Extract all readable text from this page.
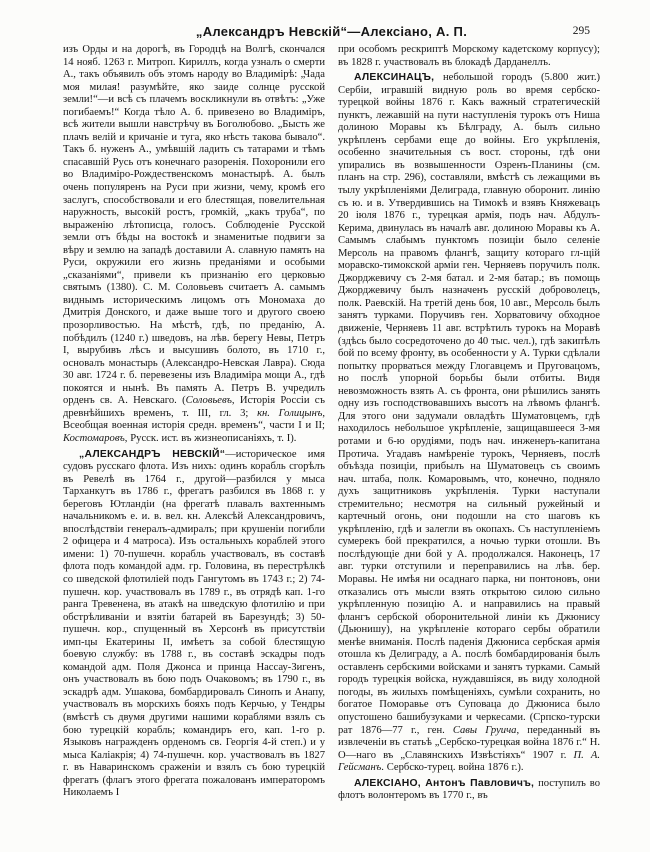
„Александръ Невскій“—Алексіано, А. П.	295

изъ Орды и на дорогѣ, въ Городцѣ на Волгѣ, скончался 14 нояб. 1263 г. Митроп. Кириллъ, когда узналъ о смерти А., такъ объявилъ объ этомъ народу во Владимірѣ: „Чада моя милая! разумѣйте, яко заиде солнце русской земли!“—и всѣ съ плачемъ воскликнули въ отвѣтъ: „Уже погибаемъ!“ Когда тѣло А. б. привезено во Владиміръ, всѣ жители вышли навстрѣчу въ Боголюбово. „Бысть же плачъ велій и кричаніе и туга, яко нѣсть такова бывало“. Такъ б. нуженъ А., умѣвшій ладить съ татарами и тѣмъ спасавшій Русь отъ конечнаго разоренія. Похоронили его во Владиміро-Рождественскомъ монастырѣ. А. былъ очень популяренъ на Руси при жизни, чему, кромѣ его заслугъ, способствовали и его блестящая, повелительная наружность, высокій ростъ, громкій, „какъ труба“, по выраженію лѣтописца, голосъ. Соблюденіе Русской земли отъ бѣды на востокѣ и знаменитые подвиги за вѣру и землю на западѣ доставили А. славную память на Руси, окружили его жизнь преданіями и особыми „сказаніями“, привели къ признанію его церковью святымъ (1380). С. М. Соловьевъ считаетъ А. самымъ виднымъ историческимъ лицомъ отъ Мономаха до Дмитрія Донского, и даже выше того и другого своею прозорливостью. На мѣстѣ, гдѣ, по преданію, А. побѣдилъ (1240 г.) шведовъ, на лѣв. берегу Невы, Петръ I, вырубивъ лѣсъ и высушивъ болото, въ 1710 г., основалъ монастырь (Александро-Невская Лавра). Сюда 30 авг. 1724 г. б. перевезены изъ Владиміра мощи А., гдѣ покоятся и нынѣ. Въ память А. Петръ В. учредилъ орденъ св. А. Невскаго. (Соловьевъ, Исторія Россіи съ древнѣйшихъ временъ, т. III, гл. 3; кн. Голицынъ, Всеобщая военная исторія средн. временъ“, части I и II; Костомаровъ, Русск. ист. въ жизнеописаніяхъ, т. I).

„АЛЕКСАНДРЪ НЕВСКІЙ“—историческое имя судовъ русскаго флота. Изъ нихъ: одинъ корабль сгорѣлъ въ Ревелѣ въ 1764 г., другой—разбился у мыса Тарханкутъ въ 1786 г., фрегатъ разбился въ 1868 г. у береговъ Ютландіи (на фрегатѣ плавалъ вахтеннымъ начальникомъ е. и. в. вел. кн. Алексѣй Александровичъ, впослѣдствіи генералъ-адмиралъ; при крушеніи погибли 2 офицера и 4 матроса). Изъ остальныхъ кораблей этого имени: 1) 70-пушечн. корабль участвовалъ, въ составѣ флота подъ командой адм. гр. Головина, въ перестрѣлкѣ со шведской флотиліей подъ Гангутомъ въ 1743 г.; 2) 74-пушечн. кор. участвовалъ въ 1789 г., въ отрядѣ кап. 1-го ранга Тревенена, въ атакѣ на шведскую флотилію и при обстрѣливаніи и взятіи батарей въ Барезундѣ; 3) 50-пушечн. кор., спущенный въ Херсонѣ въ присутствіи имп-цы Екатерины II, имѣетъ за собой блестящую боевую службу: въ 1788 г., въ составѣ эскадры подъ командой адм. Поля Джонса и принца Нассау-Зигенъ, онъ участвовалъ въ бою подъ Очаковомъ; въ 1790 г., въ эскадрѣ адм. Ушакова, бомбардировалъ Синопъ и Анапу, участвовалъ въ морскихъ бояхъ подъ Керчью, у Тендры (вмѣстѣ съ двумя другими нашими кораблями взялъ съ бою турецкій корабль; командиръ его, кап. 1-го р. Языковъ награжденъ орденомъ св. Георгія 4-й степ.) и у мыса Каліакрія; 4) 74-пушечн. кор. участвовалъ въ 1827 г. въ Наваринскомъ сраженіи и взялъ съ бою турецкій фрегатъ (флагъ этого фрегата пожалованъ императоромъ Николаемъ I

при особомъ рескриптѣ Морскому кадетскому корпусу); въ 1828 г. участвовалъ въ блокадѣ Дарданеллъ.

АЛЕКСИНАЦЪ, небольшой городъ (5.800 жит.) Сербіи, игравшій видную роль во время сербско-турецкой войны 1876 г. Какъ важный стратегическій пунктъ, лежавшій на пути наступленія турокъ отъ Ниша долиною Моравы къ Бѣлграду, А. былъ сильно укрѣпленъ сербами еще до войны. Его укрѣпленія, особенно значительныя съ вост. стороны, гдѣ они упирались въ возвышенности Озренъ-Планины (см. планъ на стр. 296), составляли, вмѣстѣ съ лежащими въ тылу укрѣпленіями Делиграда, главную оборонит. линію съ ю. и в. Утвердившись на Тимокѣ и взявъ Княжевацъ 20 іюля 1876 г., турецкая армія, подъ нач. Абдулъ-Керима, двинулась въ началѣ авг. долиною Моравы къ А. Самымъ слабымъ пунктомъ позиціи было селеніе Мерсоль на правомъ флангѣ, защиту котораго гл-щій моравско-тимокской арміи ген. Черняевъ поручилъ полк. Джорджевичу съ 2-мя батал. и 2-мя батар.; въ помощь Джорджевичу былъ назначенъ русскій доброволецъ, полк. Раевскій. На третій день боя, 10 авг., Мерсоль былъ занятъ турками. Поручивъ ген. Хорватовичу обходное движеніе, Черняевъ 11 авг. встрѣтилъ турокъ на Моравѣ (здѣсь было сосредоточено до 40 тыс. чел.), гдѣ закипѣлъ бой по всему фронту, въ особенности у А. Турки сдѣлали попытку прорваться между Глогавцемъ и Пруговацомъ, но послѣ упорной борьбы были отбиты. Видя невозможность взять А. съ фронта, они рѣшились занять одну изъ господствовавшихъ высотъ на лѣвомъ флангѣ. Для этого они задумали овладѣть Шуматовцемъ, гдѣ находилось небольшое укрѣпленіе, защищавшееся 3-мя ротами и 6-ю орудіями, подъ нач. инженеръ-капитана Протича. Угадавъ намѣреніе турокъ, Черняевъ, послѣ объѣзда позиціи, прибылъ на Шуматовецъ съ своимъ нач. штаба, полк. Комаровымъ, что, конечно, подняло духъ защитниковъ укрѣпленія. Турки наступали стремительно; несмотря на сильный ружейный и картечный огонь, они подошли на сто шаговъ къ укрѣпленію, гдѣ и залегли въ окопахъ. Съ наступленіемъ сумерекъ бой прекратился, а ночью турки отошли. Въ послѣдующіе дни бой у А. продолжался. Наконецъ, 17 авг. турки отступили и переправились на лѣв. бер. Моравы. Не имѣя ни осаднаго парка, ни понтоновъ, они отказались отъ мысли взять открытою силою сильно укрѣпленную позицію А. и направились на правый флангъ сербской оборонительной линіи къ Джюнису (Дьюнишу), на укрѣпленіе котораго сербы обратили менѣе вниманія. Послѣ паденія Джюниса сербская армія отошла къ Делиграду, а А. послѣ бомбардированія былъ оставленъ сербскими войсками и занятъ турками. Самый городъ турецкія войска, нуждавшіяся, въ виду холодной погоды, въ жилыхъ помѣщеніяхъ, сумѣли сохранить, но богатое Поморавье отъ Суповаца до Джюниса было опустошено башибузуками и черкесами. (Српско-турски рат 1876—77 г., ген. Савы Груича, переданный въ извлеченіи въ статьѣ „Сербско-турецкая война 1876 г.“ Н. О—наго въ „Славянскихъ Извѣстіяхъ“ 1907 г. П. А. Гейсманъ. Сербско-турец. война 1876 г.).

АЛЕКСІАНО, Антонъ Павловичъ, поступилъ во флотъ волонтеромъ въ 1770 г., въ
